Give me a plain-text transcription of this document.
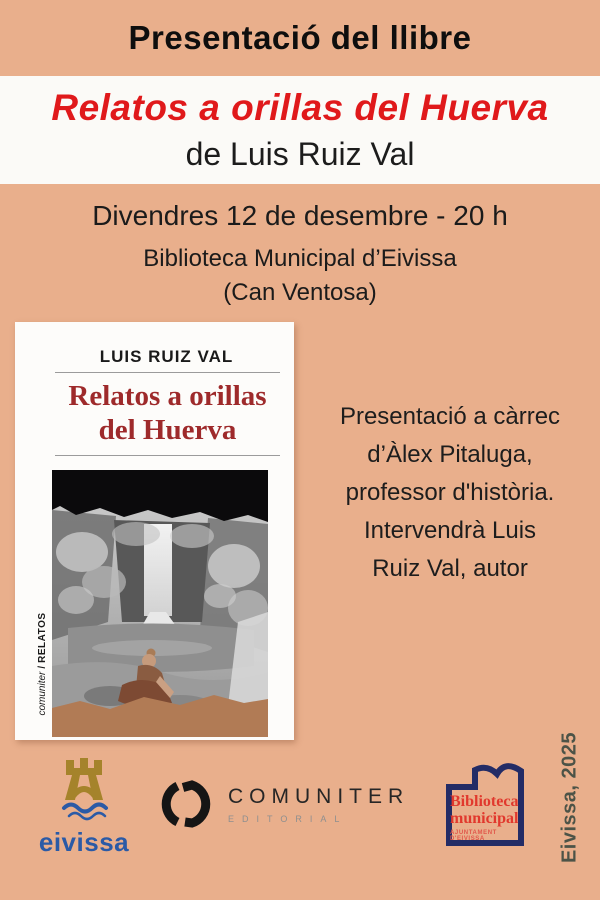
Presentació del llibre
Relatos a orillas del Huerva
de Luis Ruiz Val
Divendres 12 de desembre - 20 h
Biblioteca Municipal d’Eivissa
(Can Ventosa)
LUIS RUIZ VAL
Relatos a orillas
del Huerva
comuniter/RELATOS
Presentació a càrrec
d’Àlex Pitaluga,
professor d'història.
Intervendrà Luis
Ruiz Val, autor
eivissa
COMUNITER
EDITORIAL
Biblioteca
municipal
AJUNTAMENT D'EIVISSA	Eivissa, 2025
